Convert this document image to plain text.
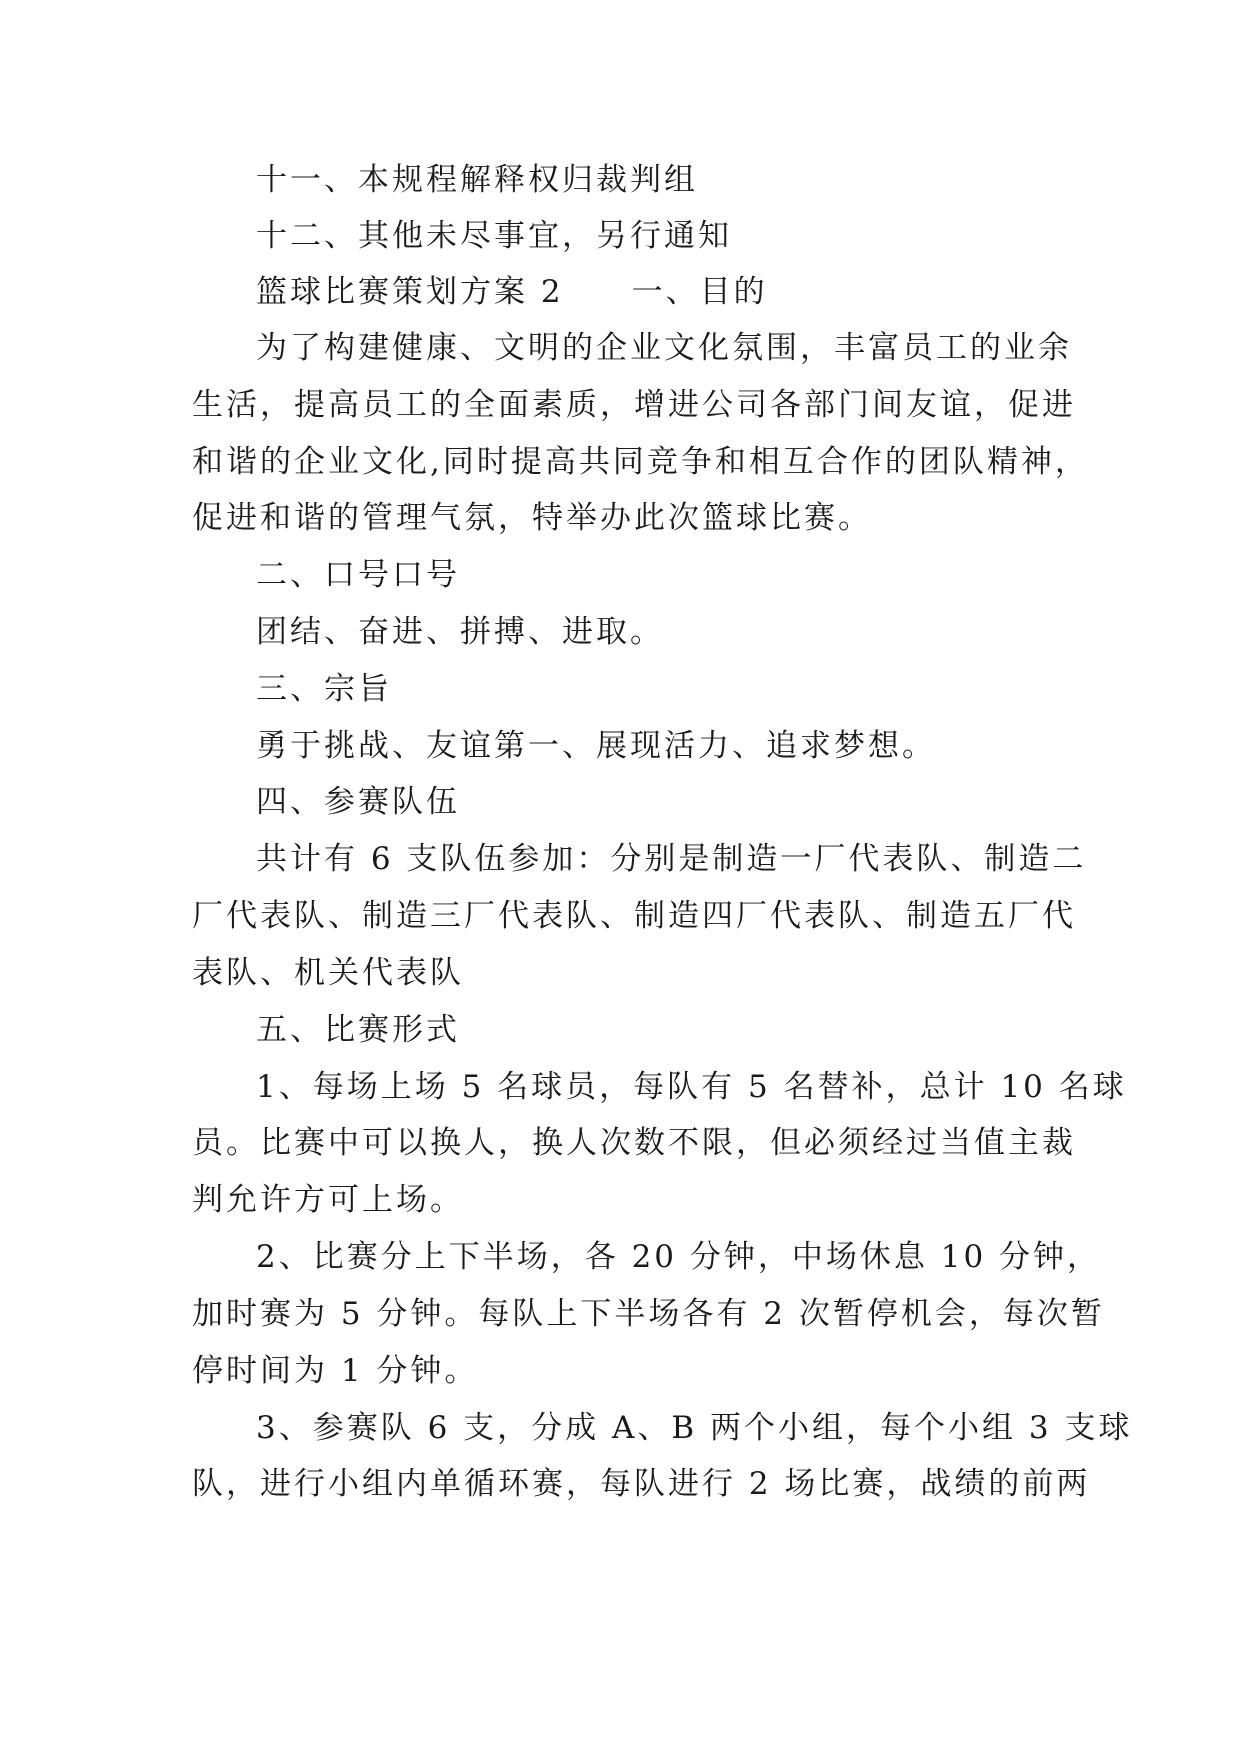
十一、本规程解释权归裁判组
十二、其他未尽事宜，另行通知
篮球比赛策划方案 2　　一、目的
为了构建健康、文明的企业文化氛围，丰富员工的业余
生活，提高员工的全面素质，增进公司各部门间友谊，促进
和谐的企业文化,同时提高共同竞争和相互合作的团队精神，
促进和谐的管理气氛，特举办此次篮球比赛。
二、口号口号
团结、奋进、拼搏、进取。
三、宗旨
勇于挑战、友谊第一、展现活力、追求梦想。
四、参赛队伍
共计有 6 支队伍参加：分别是制造一厂代表队、制造二
厂代表队、制造三厂代表队、制造四厂代表队、制造五厂代
表队、机关代表队
五、比赛形式
1、每场上场 5 名球员，每队有 5 名替补，总计 10 名球
员。比赛中可以换人，换人次数不限，但必须经过当值主裁
判允许方可上场。
2、比赛分上下半场，各 20 分钟，中场休息 10 分钟，
加时赛为 5 分钟。每队上下半场各有 2 次暂停机会，每次暂
停时间为 1 分钟。
3、参赛队 6 支，分成 A、B 两个小组，每个小组 3 支球
队，进行小组内单循环赛，每队进行 2 场比赛，战绩的前两
